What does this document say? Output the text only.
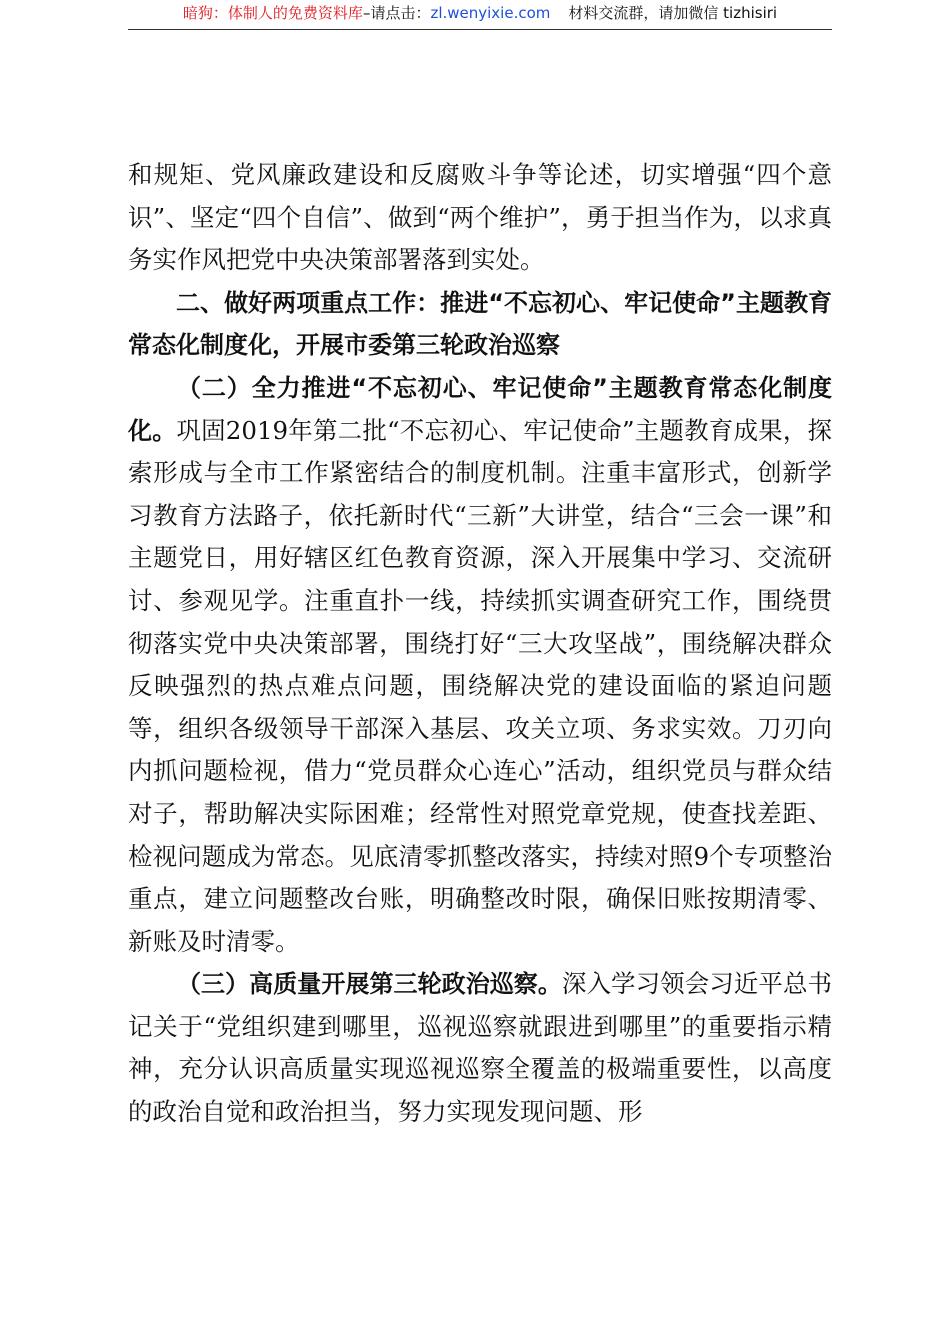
暗狗：体制人的免费资料库–请点击：zl.wenyixie.com 材料交流群，请加微信 tizhisiri

和规矩、党风廉政建设和反腐败斗争等论述，切实增强“四个意识”、坚定“四个自信”、做到“两个维护”，勇于担当作为，以求真务实作风把党中央决策部署落到实处。

二、做好两项重点工作：推进“不忘初心、牢记使命”主题教育常态化制度化，开展市委第三轮政治巡察

（二）全力推进“不忘初心、牢记使命”主题教育常态化制度化。巩固2019年第二批“不忘初心、牢记使命”主题教育成果，探索形成与全市工作紧密结合的制度机制。注重丰富形式，创新学习教育方法路子，依托新时代“三新”大讲堂，结合“三会一课”和主题党日，用好辖区红色教育资源，深入开展集中学习、交流研讨、参观见学。注重直扑一线，持续抓实调查研究工作，围绕贯彻落实党中央决策部署，围绕打好“三大攻坚战”，围绕解决群众反映强烈的热点难点问题，围绕解决党的建设面临的紧迫问题等，组织各级领导干部深入基层、攻关立项、务求实效。刀刃向内抓问题检视，借力“党员群众心连心”活动，组织党员与群众结对子，帮助解决实际困难；经常性对照党章党规，使查找差距、检视问题成为常态。见底清零抓整改落实，持续对照9个专项整治重点，建立问题整改台账，明确整改时限，确保旧账按期清零、新账及时清零。

（三）高质量开展第三轮政治巡察。深入学习领会习近平总书记关于“党组织建到哪里，巡视巡察就跟进到哪里”的重要指示精神，充分认识高质量实现巡视巡察全覆盖的极端重要性，以高度的政治自觉和政治担当，努力实现发现问题、形
